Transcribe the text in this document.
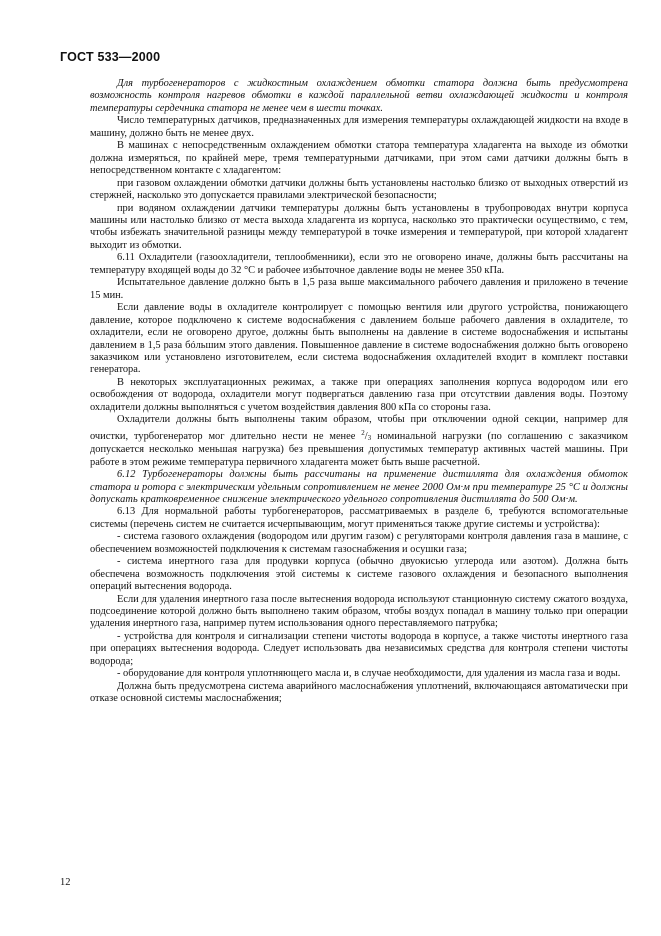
ГОСТ 533—2000

Для турбогенераторов с жидкостным охлаждением обмотки статора должна быть предусмотрена возможность контроля нагревов обмотки в каждой параллельной ветви охлаждающей жидкости и контроля температуры сердечника статора не менее чем в шести точках.

Число температурных датчиков, предназначенных для измерения температуры охлаждающей жидкости на входе в машину, должно быть не менее двух.

В машинах с непосредственным охлаждением обмотки статора температура хладагента на выходе из обмотки должна измеряться, по крайней мере, тремя температурными датчиками, при этом сами датчики должны быть в непосредственном контакте с хладагентом:

при газовом охлаждении обмотки датчики должны быть установлены настолько близко от выходных отверстий из стержней, насколько это допускается правилами электрической безопасности;

при водяном охлаждении датчики температуры должны быть установлены в трубопроводах внутри корпуса машины или настолько близко от места выхода хладагента из корпуса, насколько это практически осуществимо, с тем, чтобы избежать значительной разницы между температурой в точке измерения и температурой, при которой хладагент выходит из обмотки.

6.11 Охладители (газоохладители, теплообменники), если это не оговорено иначе, должны быть рассчитаны на температуру входящей воды до 32 °С и рабочее избыточное давление воды не менее 350 кПа.

Испытательное давление должно быть в 1,5 раза выше максимального рабочего давления и приложено в течение 15 мин.

Если давление воды в охладителе контролирует с помощью вентиля или другого устройства, понижающего давление, которое подключено к системе водоснабжения с давлением больше рабочего давления в охладителе, то охладители, если не оговорено другое, должны быть выполнены на давление в системе водоснабжения и испытаны давлением в 1,5 раза бóльшим этого давления. Повышенное давление в системе водоснабжения должно быть оговорено заказчиком или установлено изготовителем, если система водоснабжения охладителей входит в комплект поставки генератора.

В некоторых эксплуатационных режимах, а также при операциях заполнения корпуса водородом или его освобождения от водорода, охладители могут подвергаться давлению газа при отсутствии давления воды. Поэтому охладители должны выполняться с учетом воздействия давления 800 кПа со стороны газа.

Охладители должны быть выполнены таким образом, чтобы при отключении одной секции, например для очистки, турбогенератор мог длительно нести не менее $^2/_3$ номинальной нагрузки (по соглашению с заказчиком допускается несколько меньшая нагрузка) без превышения допустимых температур активных частей машины. При работе в этом режиме температура первичного хладагента может быть выше расчетной.

6.12 Турбогенераторы должны быть рассчитаны на применение дистиллята для охлаждения обмоток статора и ротора с электрическим удельным сопротивлением не менее 2000 Ом·м при температуре 25 °С и должны допускать кратковременное снижение электрического удельного сопротивления дистиллята до 500 Ом·м.

6.13 Для нормальной работы турбогенераторов, рассматриваемых в разделе 6, требуются вспомогательные системы (перечень систем не считается исчерпывающим, могут применяться также другие системы и устройства):

- система газового охлаждения (водородом или другим газом) с регуляторами контроля давления газа в машине, с обеспечением возможностей подключения к системам газоснабжения и осушки газа;

- система инертного газа для продувки корпуса (обычно двуокисью углерода или азотом). Должна быть обеспечена возможность подключения этой системы к системе газового охлаждения и безопасного выполнения операций вытеснения водорода.

Если для удаления инертного газа после вытеснения водорода используют станционную систему сжатого воздуха, подсоединение которой должно быть выполнено таким образом, чтобы воздух попадал в машину только при операции удаления инертного газа, например путем использования одного переставляемого патрубка;

- устройства для контроля и сигнализации степени чистоты водорода в корпусе, а также чистоты инертного газа при операциях вытеснения водорода. Следует использовать два независимых средства для контроля степени чистоты водорода;

- оборудование для контроля уплотняющего масла и, в случае необходимости, для удаления из масла газа и воды.

Должна быть предусмотрена система аварийного маслоснабжения уплотнений, включающаяся автоматически при отказе основной системы маслоснабжения;

12
